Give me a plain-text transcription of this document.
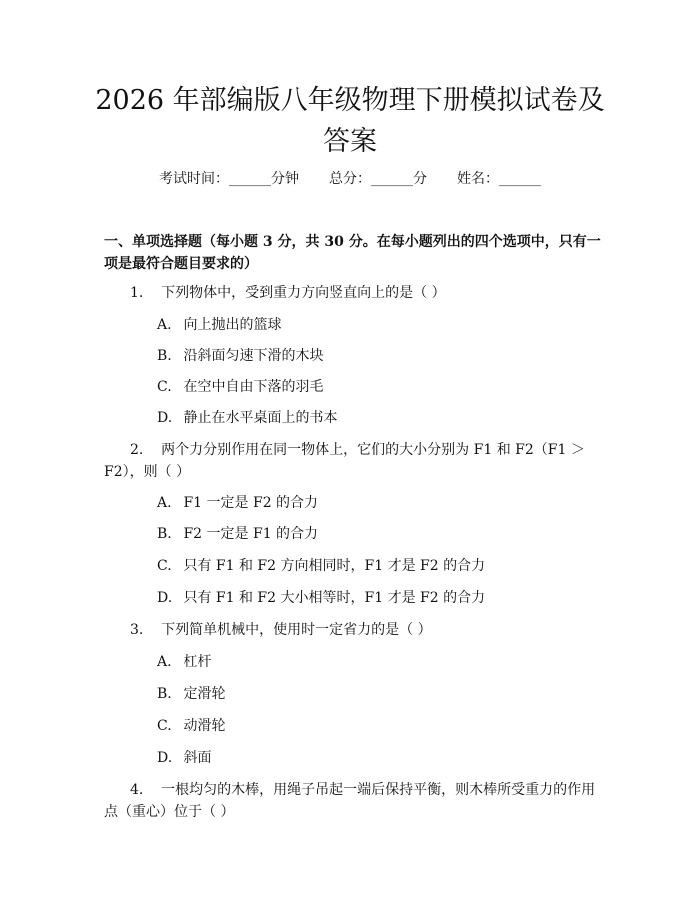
2026 年部编版八年级物理下册模拟试卷及答案
考试时间：______分钟 总分：______分 姓名：______
一、单项选择题（每小题 3 分，共 30 分。在每小题列出的四个选项中，只有一项是最符合题目要求的）
1. 下列物体中，受到重力方向竖直向上的是（ ）
A. 向上抛出的篮球
B. 沿斜面匀速下滑的木块
C. 在空中自由下落的羽毛
D. 静止在水平桌面上的书本
2. 两个力分别作用在同一物体上，它们的大小分别为 F1 和 F2（F1 ＞ F2），则（ ）
A. F1 一定是 F2 的合力
B. F2 一定是 F1 的合力
C. 只有 F1 和 F2 方向相同时，F1 才是 F2 的合力
D. 只有 F1 和 F2 大小相等时，F1 才是 F2 的合力
3. 下列简单机械中，使用时一定省力的是（ ）
A. 杠杆
B. 定滑轮
C. 动滑轮
D. 斜面
4. 一根均匀的木棒，用绳子吊起一端后保持平衡，则木棒所受重力的作用点（重心）位于（ ）
